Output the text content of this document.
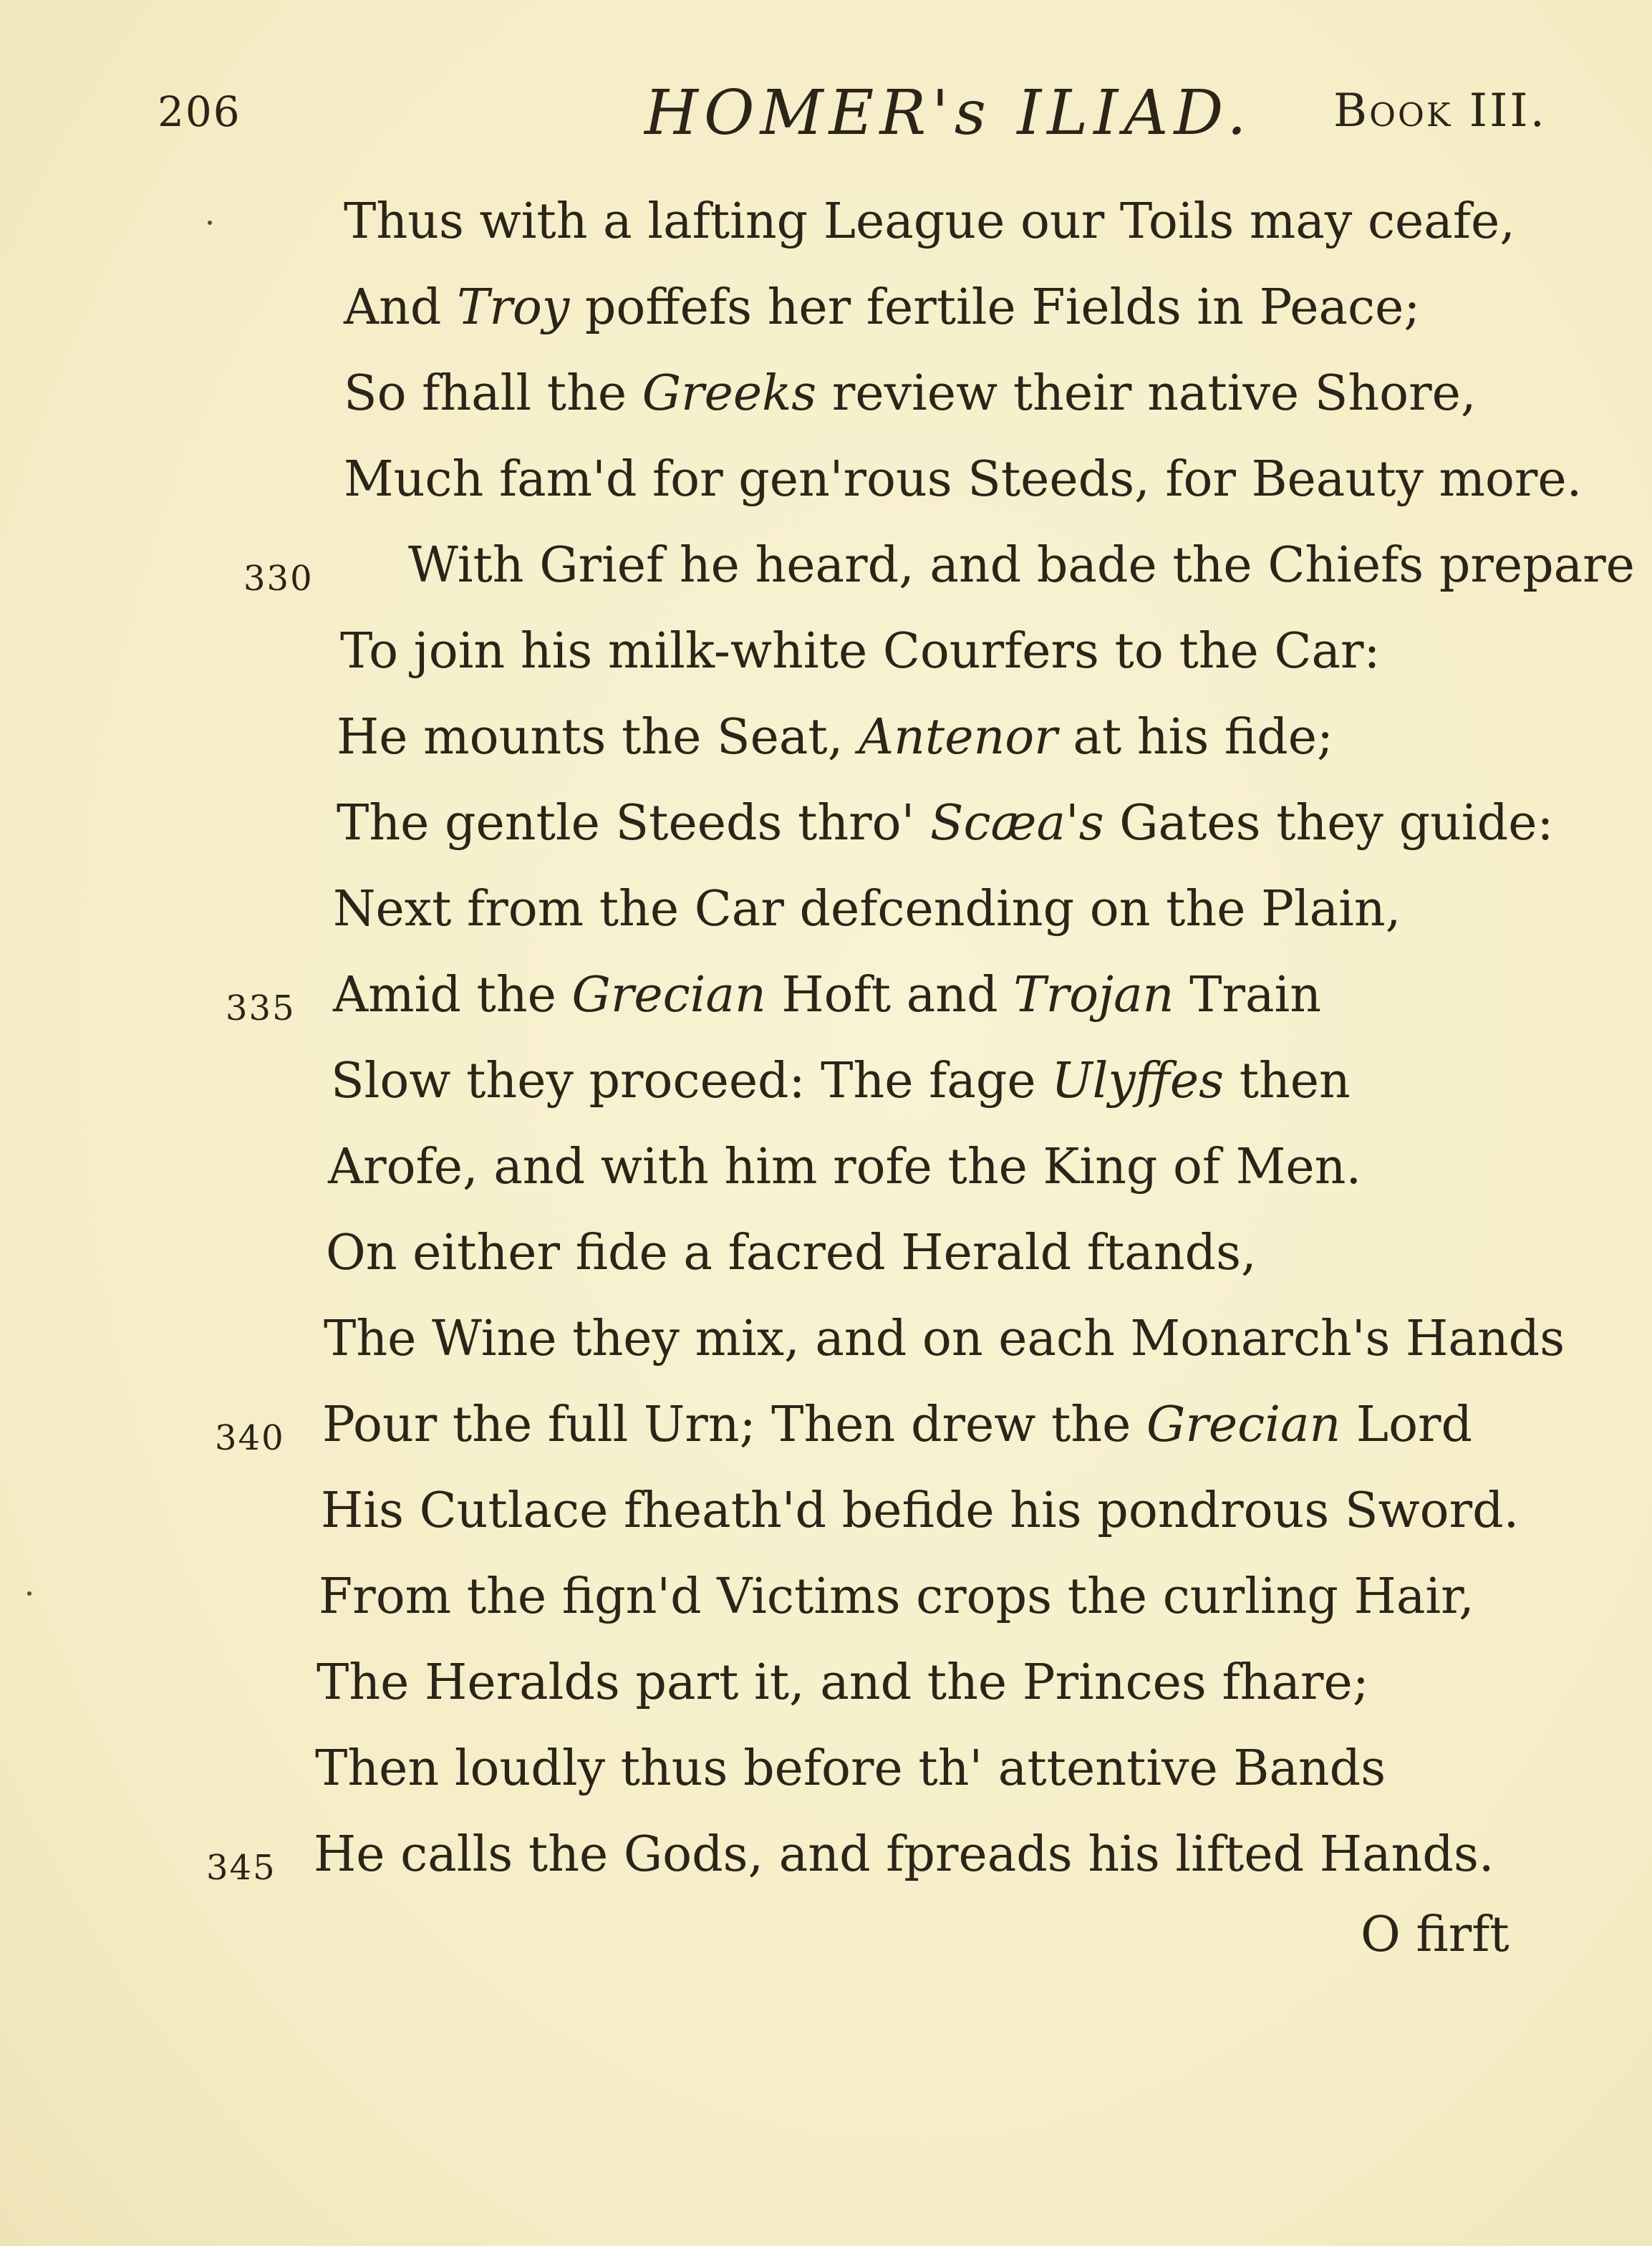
206	HOMER's ILIAD. Book III.
Thus with a lafting League our Toils may ceafe,
And Troy poffefs her fertile Fields in Peace;
So fhall the Greeks review their native Shore,
Much fam'd for gen'rous Steeds, for Beauty more.
330 With Grief he heard, and bade the Chiefs prepare
To join his milk-white Courfers to the Car:
He mounts the Seat, Antenor at his fide;
The gentle Steeds thro' Scæa's Gates they guide:
Next from the Car defcending on the Plain,
335 Amid the Grecian Hoft and Trojan Train
Slow they proceed: The fage Ulyffes then
Arofe, and with him rofe the King of Men.
On either fide a facred Herald ftands,
The Wine they mix, and on each Monarch's Hands
340 Pour the full Urn; Then drew the Grecian Lord
His Cutlace fheath'd befide his pondrous Sword.
From the fign'd Victims crops the curling Hair,
The Heralds part it, and the Princes fhare;
Then loudly thus before th' attentive Bands
345 He calls the Gods, and fpreads his lifted Hands.
O firft
